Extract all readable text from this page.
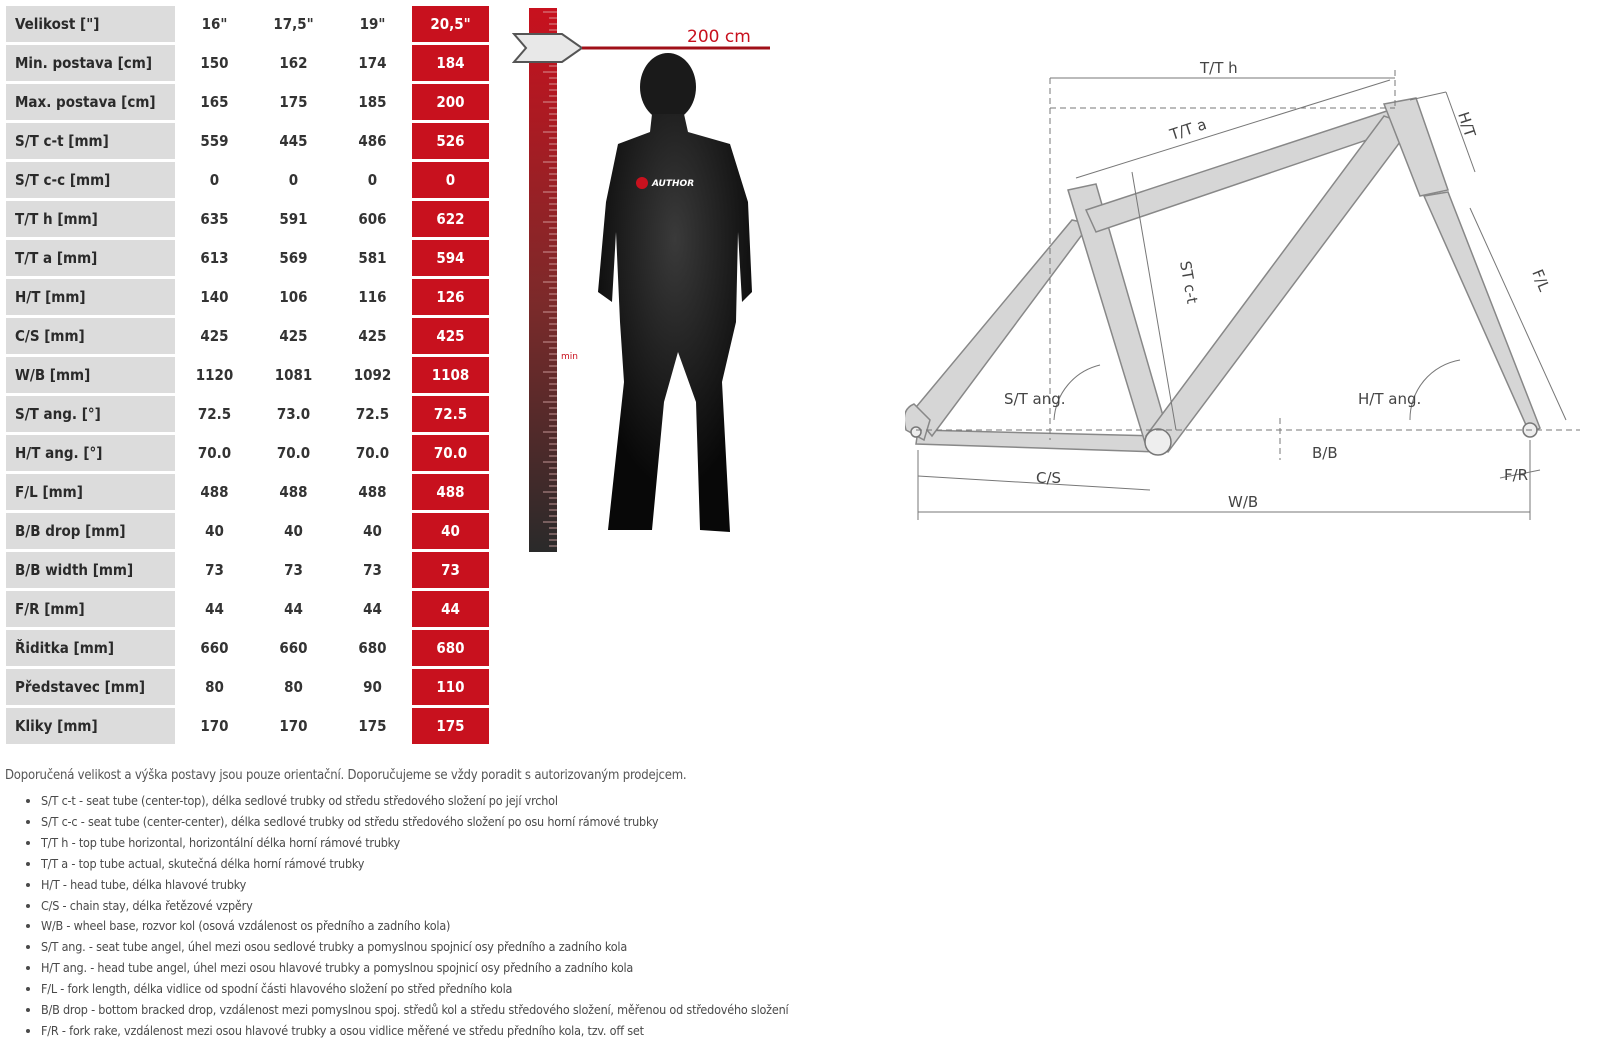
Velikost ["]	16"	17,5"	19"	20,5"
Min. postava [cm]	150	162	174	184
Max. postava [cm]	165	175	185	200
S/T c-t [mm]	559	445	486	526
S/T c-c [mm]	0	0	0	0
T/T h [mm]	635	591	606	622
T/T a [mm]	613	569	581	594
H/T [mm]	140	106	116	126
C/S [mm]	425	425	425	425
W/B [mm]	1120	1081	1092	1108
S/T ang. [°]	72.5	73.0	72.5	72.5
H/T ang. [°]	70.0	70.0	70.0	70.0
F/L [mm]	488	488	488	488
B/B drop [mm]	40	40	40	40
B/B width [mm]	73	73	73	73
F/R [mm]	44	44	44	44
Řiditka [mm]	660	660	680	680
Představec [mm]	80	80	90	110
Kliky [mm]	170	170	175	175
200 cm
min
AUTHOR
T/T h
T/T a	H/T
ST c-t	F/L
S/T ang.	H/T ang.
B/B
C/S
W/B
F/R

Doporučená velikost a výška postavy jsou pouze orientační. Doporučujeme se vždy poradit s autorizovaným prodejcem.

• S/T c-t - seat tube (center-top), délka sedlové trubky od středu středového složení po její vrchol
• S/T c-c - seat tube (center-center), délka sedlové trubky od středu středového složení po osu horní rámové trubky
• T/T h - top tube horizontal, horizontální délka horní rámové trubky
• T/T a - top tube actual, skutečná délka horní rámové trubky
• H/T - head tube, délka hlavové trubky
• C/S - chain stay, délka řetězové vzpěry
• W/B - wheel base, rozvor kol (osová vzdálenost os předního a zadního kola)
• S/T ang. - seat tube angel, úhel mezi osou sedlové trubky a pomyslnou spojnicí osy předního a zadního kola
• H/T ang. - head tube angel, úhel mezi osou hlavové trubky a pomyslnou spojnicí osy předního a zadního kola
• F/L - fork length, délka vidlice od spodní části hlavového složení po střed předního kola
• B/B drop - bottom bracked drop, vzdálenost mezi pomyslnou spoj. středů kol a středu středového složení, měřenou od středového složení
• F/R - fork rake, vzdálenost mezi osou hlavové trubky a osou vidlice měřené ve středu předního kola, tzv. off set
